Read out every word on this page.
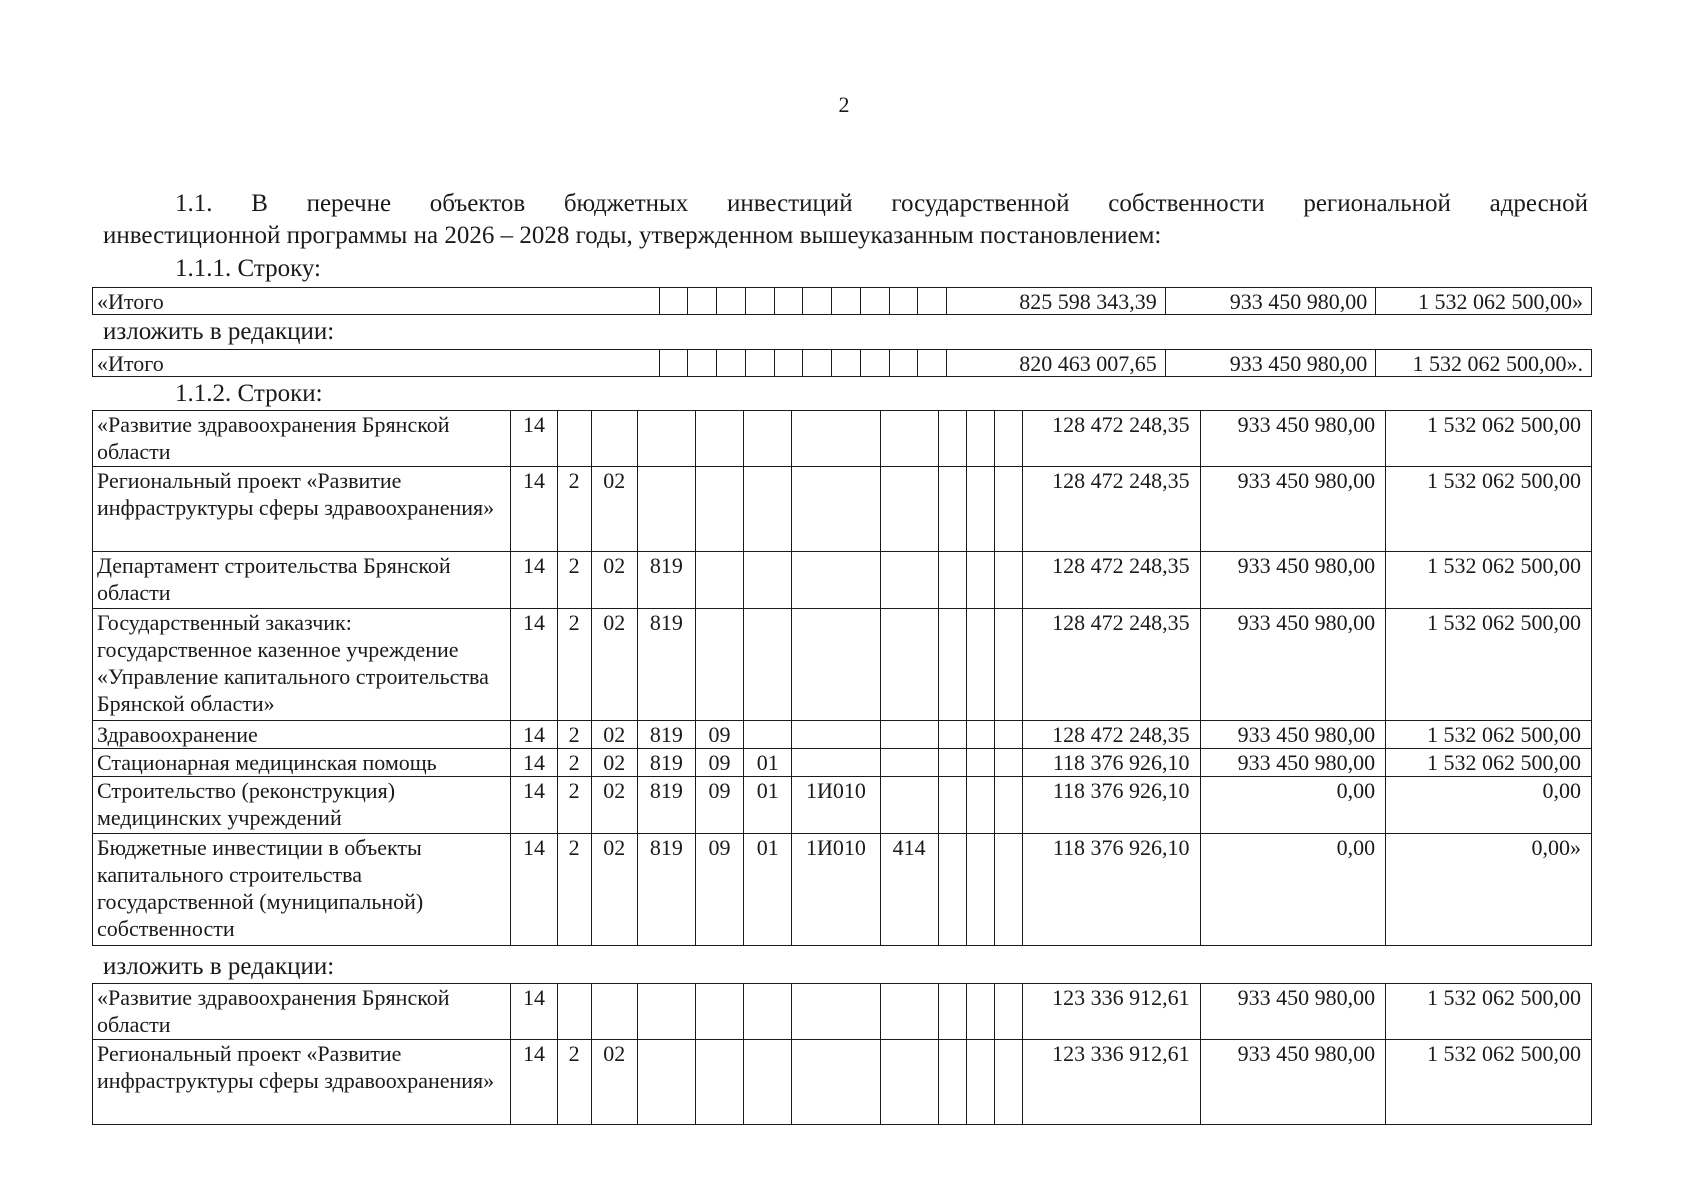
2
1.1. В перечне объектов бюджетных инвестиций государственной собственности региональной адресной
инвестиционной программы на 2026 – 2028 годы, утвержденном вышеуказанным постановлением:
1.1.1. Строку:
«Итого											825 598 343,39	933 450 980,00	1 532 062 500,00»
изложить в редакции:
«Итого											820 463 007,65	933 450 980,00	1 532 062 500,00».
1.1.2. Строки:
«Развитие здравоохранения Брянской области	14											128 472 248,35	933 450 980,00	1 532 062 500,00
Региональный проект «Развитие инфраструктуры сферы здравоохранения»	14	2	02									128 472 248,35	933 450 980,00	1 532 062 500,00
Департамент строительства Брянской области	14	2	02	819								128 472 248,35	933 450 980,00	1 532 062 500,00
Государственный заказчик: государственное казенное учреждение «Управление капитального строительства Брянской области»	14	2	02	819								128 472 248,35	933 450 980,00	1 532 062 500,00
Здравоохранение	14	2	02	819	09							128 472 248,35	933 450 980,00	1 532 062 500,00
Стационарная медицинская помощь	14	2	02	819	09	01						118 376 926,10	933 450 980,00	1 532 062 500,00
Строительство (реконструкция) медицинских учреждений	14	2	02	819	09	01	1И010					118 376 926,10	0,00	0,00
Бюджетные инвестиции в объекты капитального строительства государственной (муниципальной) собственности	14	2	02	819	09	01	1И010	414				118 376 926,10	0,00	0,00»
изложить в редакции:
«Развитие здравоохранения Брянской области	14											123 336 912,61	933 450 980,00	1 532 062 500,00
Региональный проект «Развитие инфраструктуры сферы здравоохранения»	14	2	02									123 336 912,61	933 450 980,00	1 532 062 500,00
